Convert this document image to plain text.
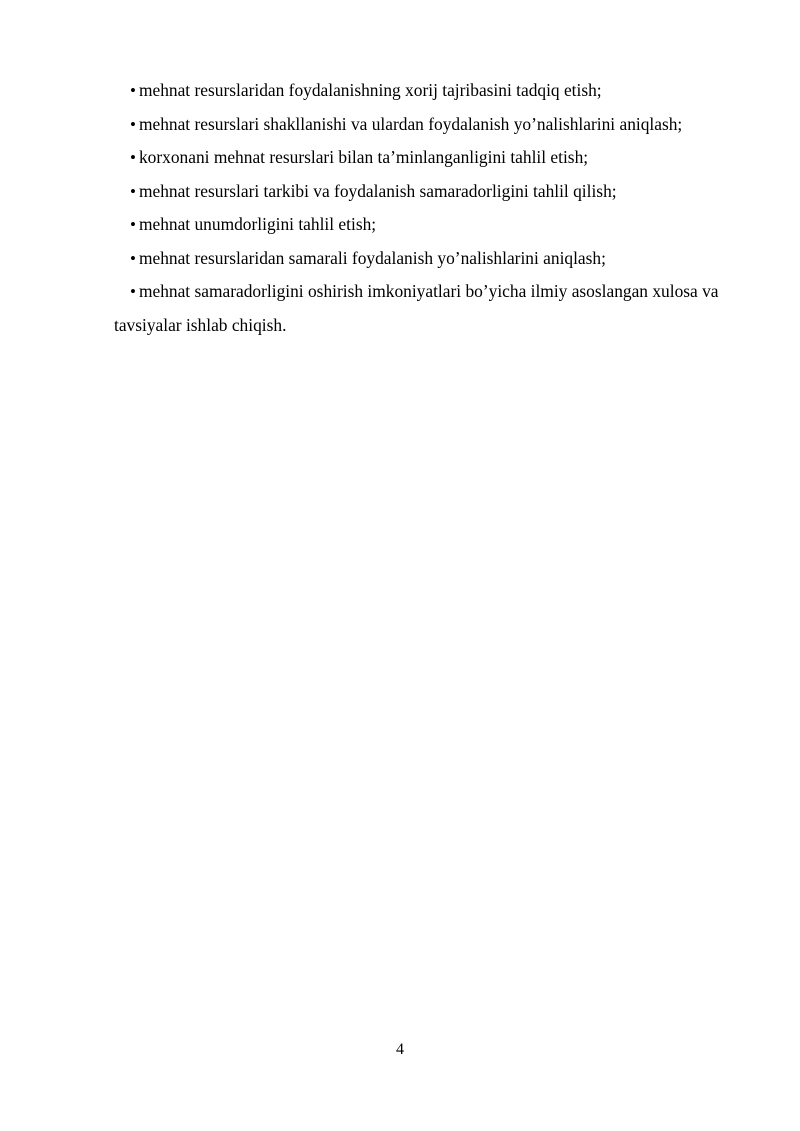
• mehnat resurslaridan foydalanishning xorij tajribasini tadqiq etish;
• mehnat resurslari shakllanishi va ulardan foydalanish yo’nalishlarini aniqlash;
• korxonani mehnat resurslari bilan ta’minlanganligini tahlil etish;
• mehnat resurslari tarkibi va foydalanish samaradorligini tahlil qilish;
• mehnat unumdorligini tahlil etish;
• mehnat resurslaridan samarali foydalanish yo’nalishlarini aniqlash;
• mehnat samaradorligini oshirish imkoniyatlari bo’yicha ilmiy asoslangan xulosa va tavsiyalar ishlab chiqish.
4
